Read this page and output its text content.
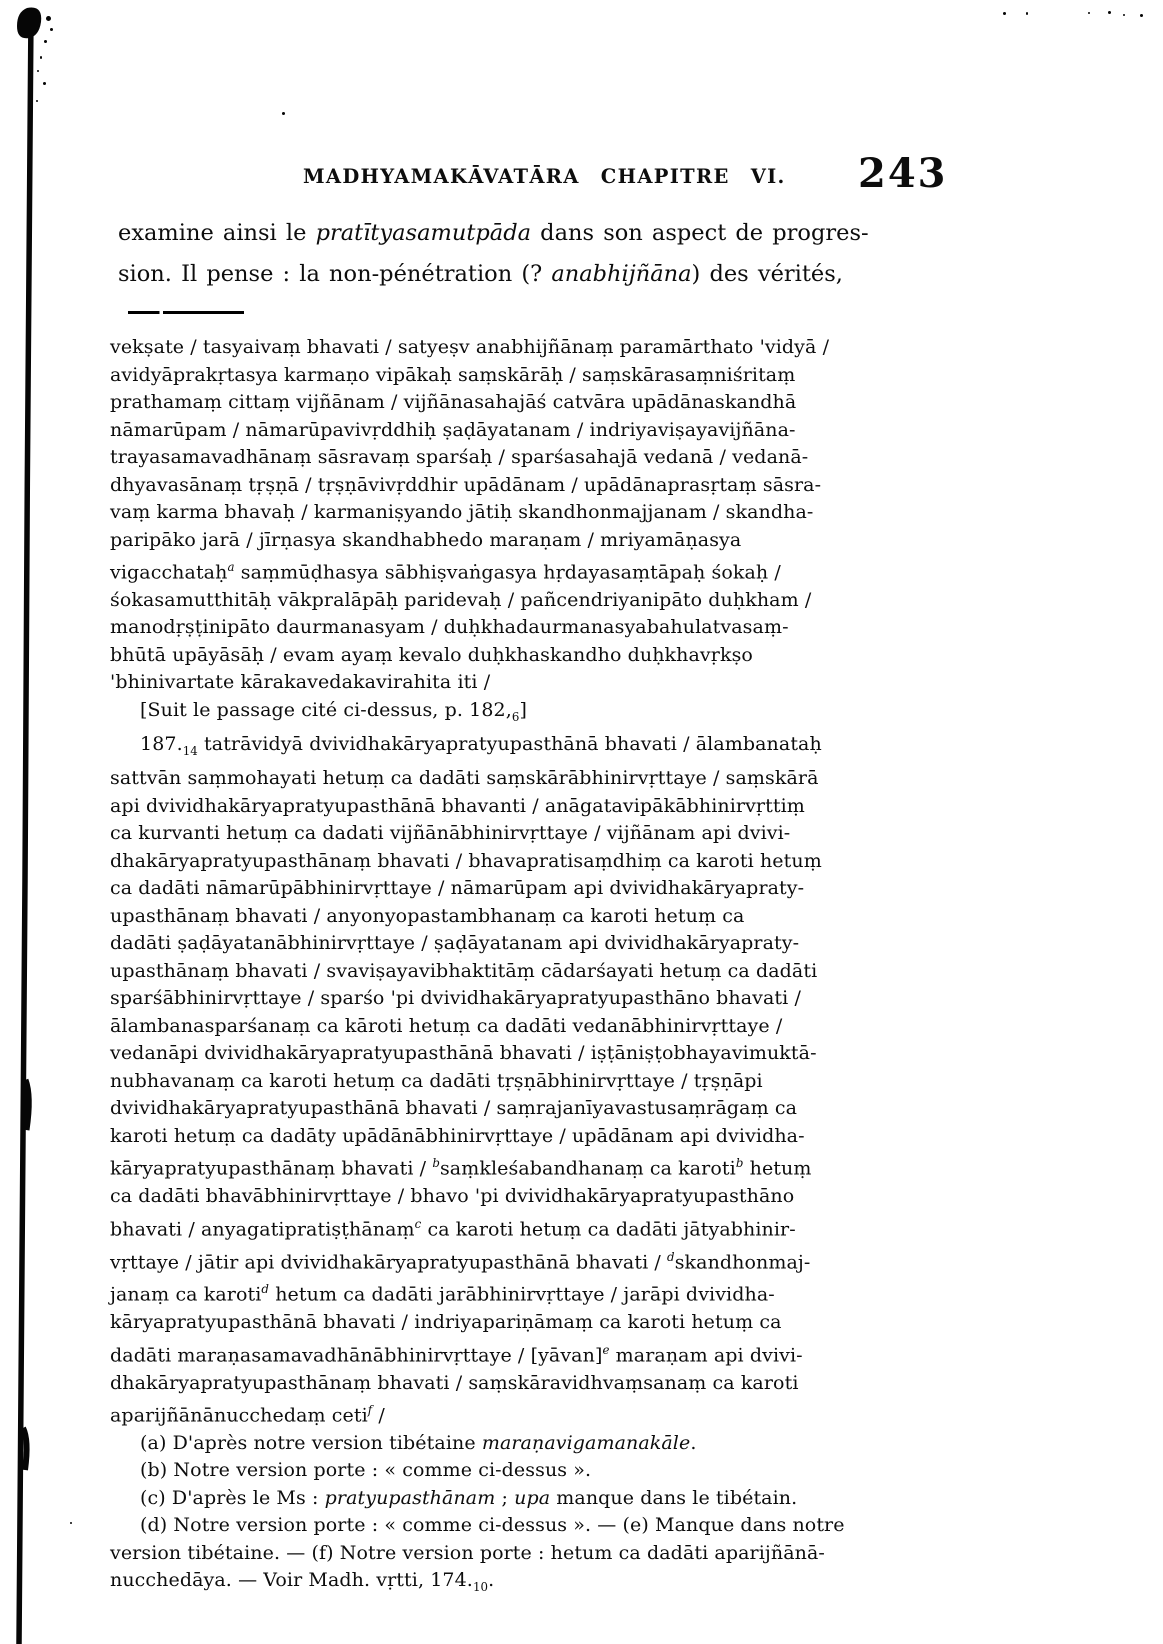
MADHYAMAKĀVATĀRA CHAPITRE VI. 243
examine ainsi le pratītyasamutpāda dans son aspect de progres-
sion. Il pense : la non-pénétration (? anabhijñāna) des vérités,
vekṣate / tasyaivaṃ bhavati / satyeṣv anabhijñānaṃ paramārthato 'vidyā /
avidyāprakṛtasya karmaṇo vipākaḥ saṃskārāḥ / saṃskārasaṃniśritaṃ
prathamaṃ cittaṃ vijñānam / vijñānasahajāś catvāra upādānaskandhā
nāmarūpam / nāmarūpavivṛddhiḥ ṣaḍāyatanam / indriyaviṣayavijñāna-
trayasamavadhānaṃ sāsravaṃ sparśaḥ / sparśasahajā vedanā / vedanā-
dhyavasānaṃ tṛṣṇā / tṛṣṇāvivṛddhir upādānam / upādānaprasṛtaṃ sāsra-
vaṃ karma bhavaḥ / karmaniṣyando jātiḥ skandhonmajjanam / skandha-
paripāko jarā / jīrṇasya skandhabhedo maraṇam / mriyamāṇasya
vigacchataḥ$^a$ saṃmūḍhasya sābhiṣvaṅgasya hṛdayasaṃtāpaḥ śokaḥ /
śokasamutthitāḥ vākpralāpāḥ paridevaḥ / pañcendriyanipāto duḥkham /
manodṛṣṭinipāto daurmanasyam / duḥkhadaurmanasyabahulatvasaṃ-
bhūtā upāyāsāḥ / evam ayaṃ kevalo duḥkhaskandho duḥkhavṛkṣo
'bhinivartate kārakavedakavirahita iti /
[Suit le passage cité ci-dessus, p. $182,_6$]
$187._{14}$ tatrāvidyā dvividhakāryapratyupasthānā bhavati / ālambanataḥ
sattvān saṃmohayati hetuṃ ca dadāti saṃskārābhinirvṛttaye / saṃskārā
api dvividhakāryapratyupasthānā bhavanti / anāgatavipākābhinirvṛttiṃ
ca kurvanti hetuṃ ca dadati vijñānābhinirvṛttaye / vijñānam api dvivi-
dhakāryapratyupasthānaṃ bhavati / bhavapratisaṃdhiṃ ca karoti hetuṃ
ca dadāti nāmarūpābhinirvṛttaye / nāmarūpam api dvividhakāryapraty-
upasthānaṃ bhavati / anyonyopastambhanaṃ ca karoti hetuṃ ca
dadāti ṣaḍāyatanābhinirvṛttaye / ṣaḍāyatanam api dvividhakāryapraty-
upasthānaṃ bhavati / svaviṣayavibhaktitāṃ cādarśayati hetuṃ ca dadāti
sparśābhinirvṛttaye / sparśo 'pi dvividhakāryapratyupasthāno bhavati /
ālambanasparśanaṃ ca kāroti hetuṃ ca dadāti vedanābhinirvṛttaye /
vedanāpi dvividhakāryapratyupasthānā bhavati / iṣṭāniṣṭobhayavimuktā-
nubhavanaṃ ca karoti hetuṃ ca dadāti tṛṣṇābhinirvṛttaye / tṛṣṇāpi
dvividhakāryapratyupasthānā bhavati / saṃrajanīyavastusaṃrāgaṃ ca
karoti hetuṃ ca dadāty upādānābhinirvṛttaye / upādānam api dvividha-
kāryapratyupasthānaṃ bhavati / $^b$saṃkleśabandhanaṃ ca karoti$^b$ hetuṃ
ca dadāti bhavābhinirvṛttaye / bhavo 'pi dvividhakāryapratyupasthāno
bhavati / anyagatipratiṣṭhānaṃ$^c$ ca karoti hetuṃ ca dadāti jātyabhinir-
vṛttaye / jātir api dvividhakāryapratyupasthānā bhavati / $^d$skandhonmaj-
janaṃ ca karoti$^d$ hetum ca dadāti jarābhinirvṛttaye / jarāpi dvividha-
kāryapratyupasthānā bhavati / indriyapariṇāmaṃ ca karoti hetuṃ ca
dadāti maraṇasamavadhānābhinirvṛttaye / [yāvan]$^e$ maraṇam api dvivi-
dhakāryapratyupasthānaṃ bhavati / saṃskāravidhvaṃsanaṃ ca karoti
aparijñānānucchedaṃ ceti$^f$ /
(a) D'après notre version tibétaine maraṇavigamanakāle.
(b) Notre version porte : « comme ci-dessus ».
(c) D'après le Ms : pratyupasthānam ; upa manque dans le tibétain.
(d) Notre version porte : « comme ci-dessus ». — (e) Manque dans notre
version tibétaine. — (f) Notre version porte : hetum ca dadāti aparijñānā-
nucchedāya. — Voir Madh. vṛtti, $174._{10}$.
